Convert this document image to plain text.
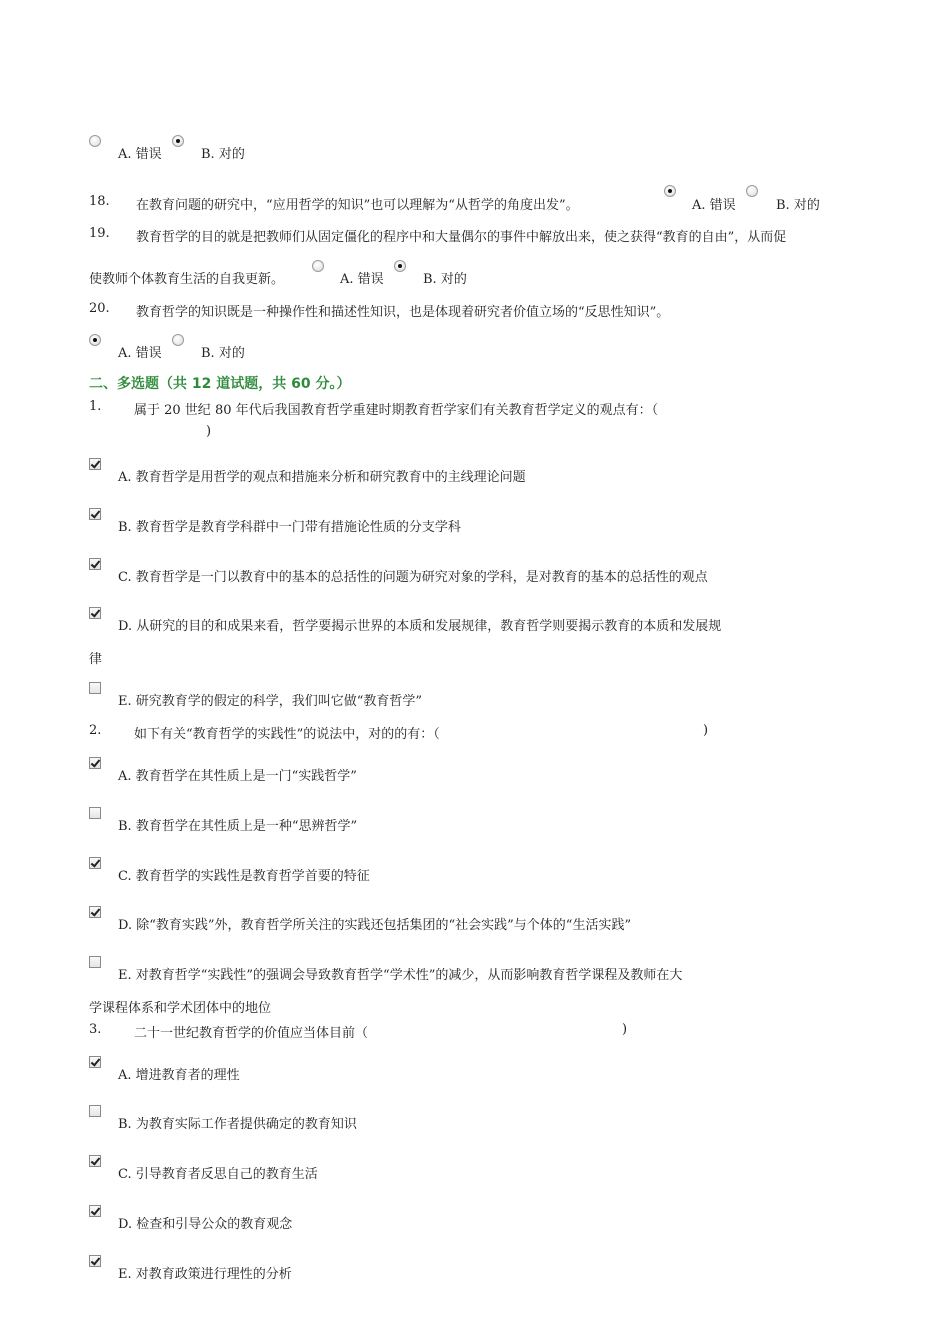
A. 错误	B. 对的
18. 在教育问题的研究中，“应用哲学的知识”也可以理解为“从哲学的角度出发”。	A. 错误	B. 对的
19. 教育哲学的目的就是把教师们从固定僵化的程序中和大量偶尔的事件中解放出来，使之获得“教育的自由”，从而促
使教师个体教育生活的自我更新。	A. 错误	B. 对的
20. 教育哲学的知识既是一种操作性和描述性知识，也是体现着研究者价值立场的“反思性知识”。
A. 错误	B. 对的
二、多选题（共 12 道试题，共 60 分。）
1.	属于 20 世纪 80 年代后我国教育哲学重建时期教育哲学家们有关教育哲学定义的观点有：（
)
A. 教育哲学是用哲学的观点和措施来分析和研究教育中的主线理论问题
B. 教育哲学是教育学科群中一门带有措施论性质的分支学科
C. 教育哲学是一门以教育中的基本的总括性的问题为研究对象的学科，是对教育的基本的总括性的观点
D. 从研究的目的和成果来看，哲学要揭示世界的本质和发展规律，教育哲学则要揭示教育的本质和发展规
律
E. 研究教育学的假定的科学，我们叫它做“教育哲学”
2.	如下有关“教育哲学的实践性”的说法中，对的的有：（	)
A. 教育哲学在其性质上是一门“实践哲学”
B. 教育哲学在其性质上是一种“思辨哲学”
C. 教育哲学的实践性是教育哲学首要的特征
D. 除“教育实践”外，教育哲学所关注的实践还包括集团的“社会实践”与个体的“生活实践”
E. 对教育哲学“实践性”的强调会导致教育哲学“学术性”的减少，从而影响教育哲学课程及教师在大
学课程体系和学术团体中的地位
3.	二十一世纪教育哲学的价值应当体目前（	)
A. 增进教育者的理性
B. 为教育实际工作者提供确定的教育知识
C. 引导教育者反思自己的教育生活
D. 检查和引导公众的教育观念
E. 对教育政策进行理性的分析
